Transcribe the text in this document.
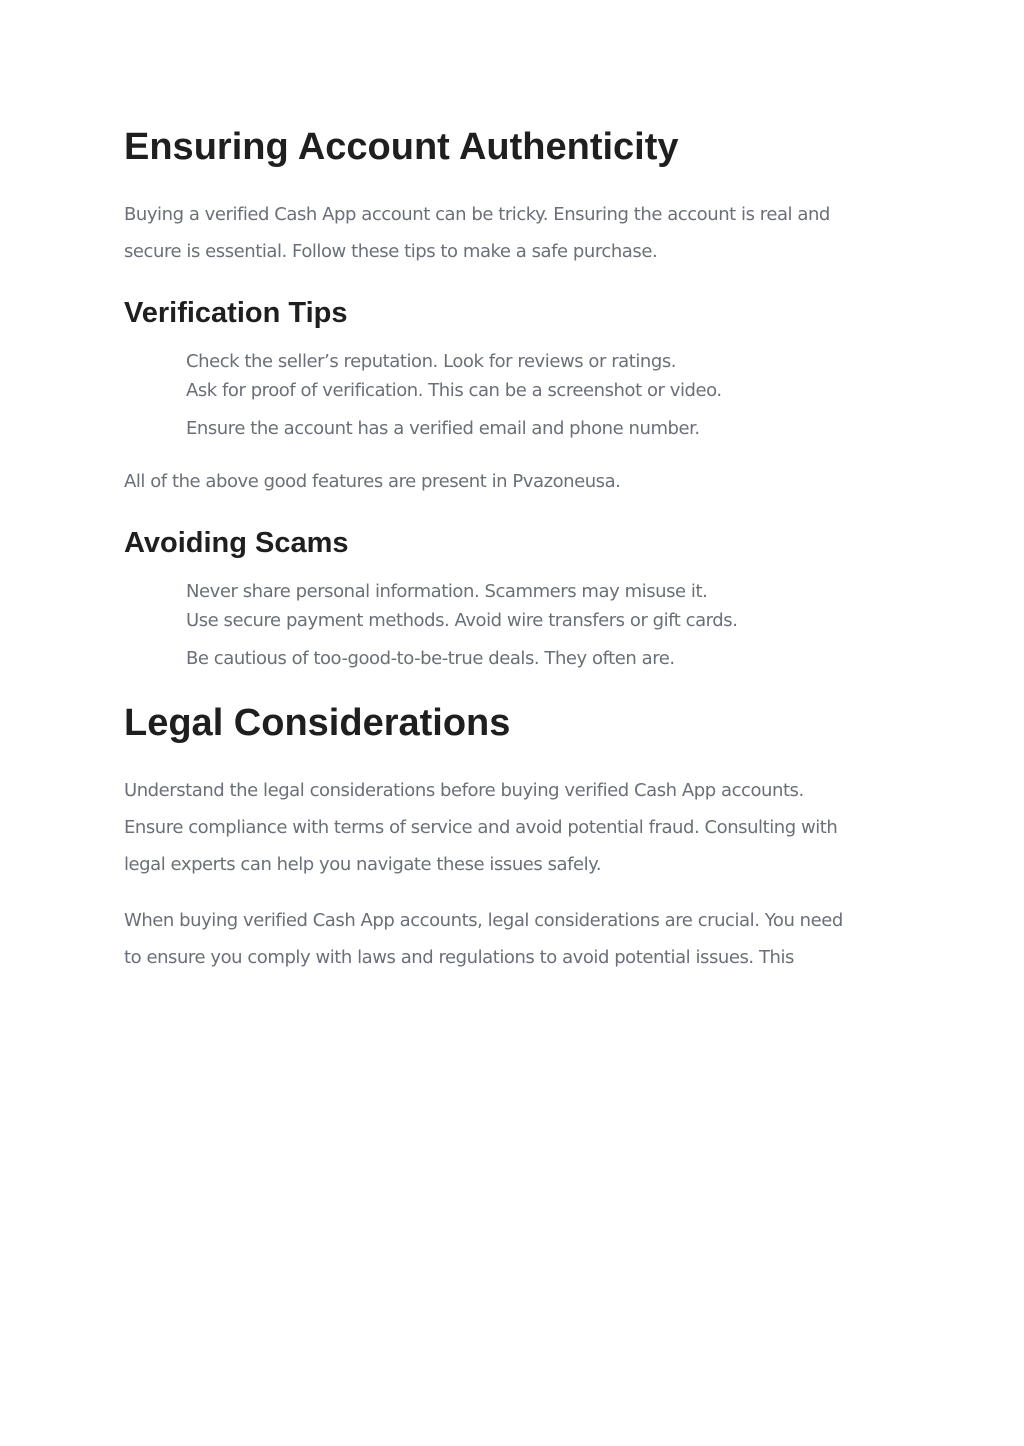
Ensuring Account Authenticity

Buying a verified Cash App account can be tricky. Ensuring the account is real and
secure is essential. Follow these tips to make a safe purchase.

Verification Tips
Check the seller’s reputation. Look for reviews or ratings.
Ask for proof of verification. This can be a screenshot or video.
Ensure the account has a verified email and phone number.

All of the above good features are present in Pvazoneusa.

Avoiding Scams
Never share personal information. Scammers may misuse it.
Use secure payment methods. Avoid wire transfers or gift cards.
Be cautious of too-good-to-be-true deals. They often are.
Legal Considerations

Understand the legal considerations before buying verified Cash App accounts.
Ensure compliance with terms of service and avoid potential fraud. Consulting with
legal experts can help you navigate these issues safely.

When buying verified Cash App accounts, legal considerations are crucial. You need
to ensure you comply with laws and regulations to avoid potential issues. This
